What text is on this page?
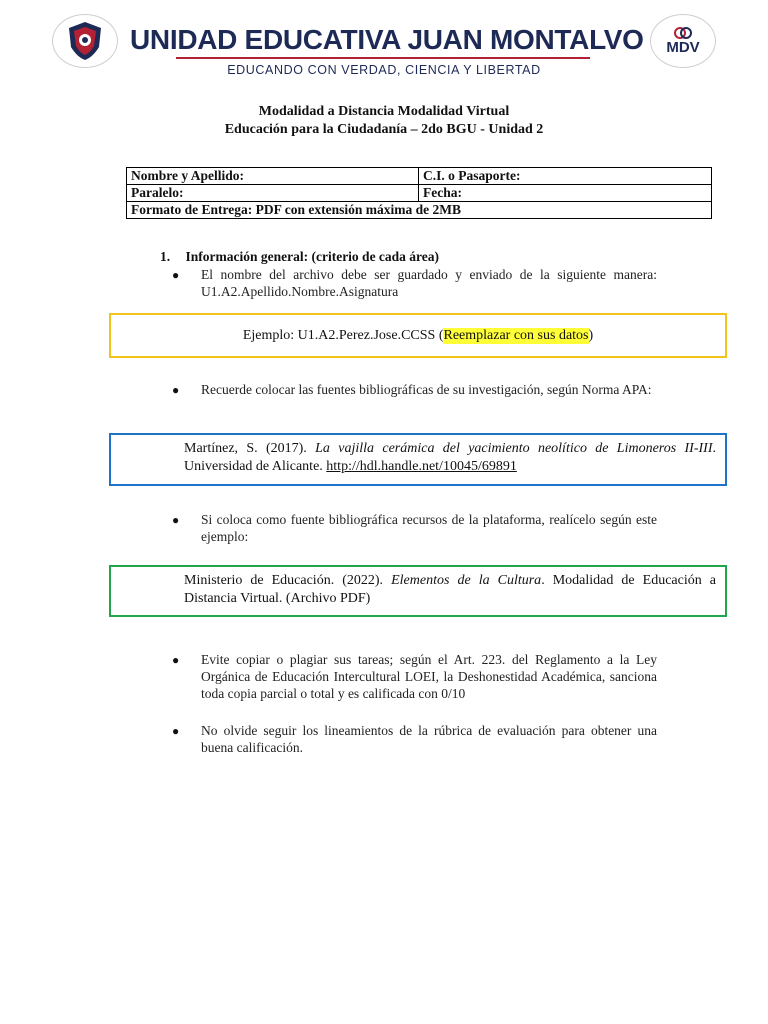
UNIDAD EDUCATIVA JUAN MONTALVO
EDUCANDO CON VERDAD, CIENCIA Y LIBERTAD
MDV
Modalidad a Distancia Modalidad Virtual
Educación para la Ciudadanía – 2do BGU - Unidad 2
Nombre y Apellido:	C.I. o Pasaporte:
Paralelo:	Fecha:
Formato de Entrega: PDF con extensión máxima de 2MB	
1. Información general: (criterio de cada área)
● El nombre del archivo debe ser guardado y enviado de la siguiente manera: U1.A2.Apellido.Nombre.Asignatura
Ejemplo: U1.A2.Perez.Jose.CCSS ( Reemplazar con sus datos )
● Recuerde colocar las fuentes bibliográficas de su investigación, según Norma APA:
Martínez, S. (2017). La vajilla cerámica del yacimiento neolítico de Limoneros II-III. Universidad de Alicante. http://hdl.handle.net/10045/69891
● Si coloca como fuente bibliográfica recursos de la plataforma, realícelo según este ejemplo:
Ministerio de Educación. (2022). Elementos de la Cultura. Modalidad de Educación a Distancia Virtual. (Archivo PDF)
● Evite copiar o plagiar sus tareas; según el Art. 223. del Reglamento a la Ley Orgánica de Educación Intercultural LOEI, la Deshonestidad Académica, sanciona toda copia parcial o total y es calificada con 0/10
● No olvide seguir los lineamientos de la rúbrica de evaluación para obtener una buena calificación.
